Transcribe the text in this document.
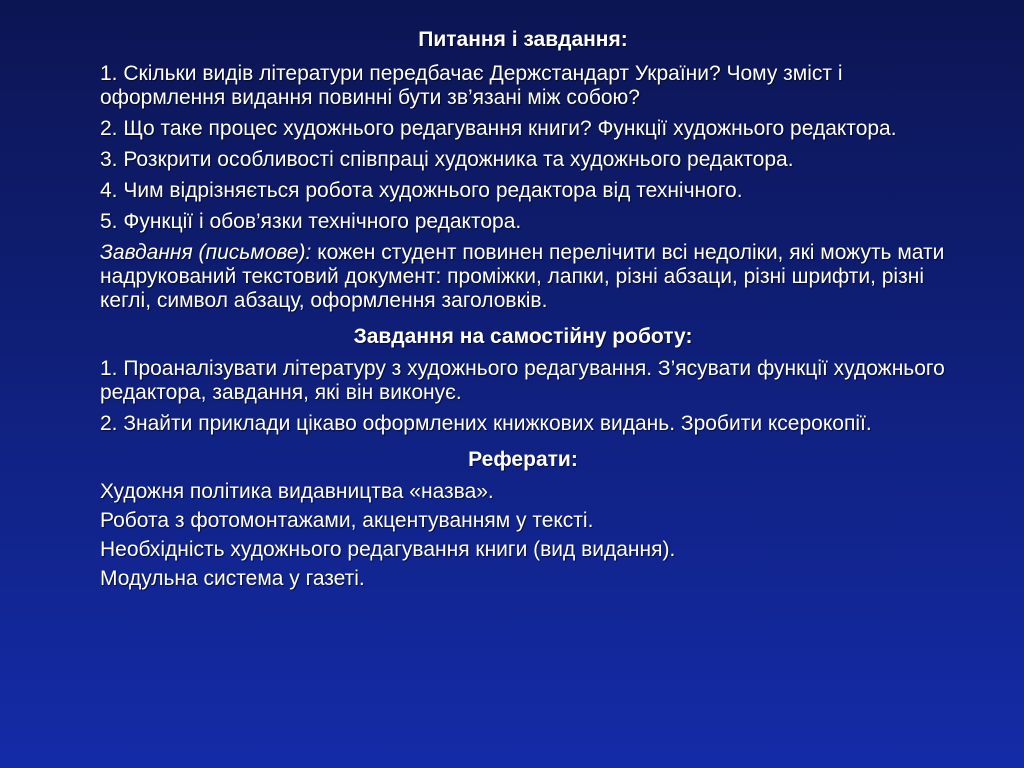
Питання і завдання:
1. Скільки видів літератури передбачає Держстандарт України? Чому зміст і оформлення видання повинні бути зв’язані між собою?
2. Що таке процес художнього редагування книги? Функції художнього редактора.
3. Розкрити особливості співпраці художника та художнього редактора.
4. Чим відрізняється робота художнього редактора від технічного.
5. Функції і обов’язки технічного редактора.
Завдання (письмове): кожен студент повинен перелічити всі недоліки, які можуть мати надрукований текстовий документ: проміжки, лапки, різні абзаци, різні шрифти, різні кеглі, символ абзацу, оформлення заголовків.
Завдання на самостійну роботу:
1. Проаналізувати літературу з художнього редагування. З’ясувати функції художнього редактора, завдання, які він виконує.
2. Знайти приклади цікаво оформлених книжкових видань. Зробити ксерокопії.
Реферати:
Художня політика видавництва «назва».
Робота з фотомонтажами, акцентуванням у тексті.
Необхідність художнього редагування книги (вид видання).
Модульна система у газеті.
